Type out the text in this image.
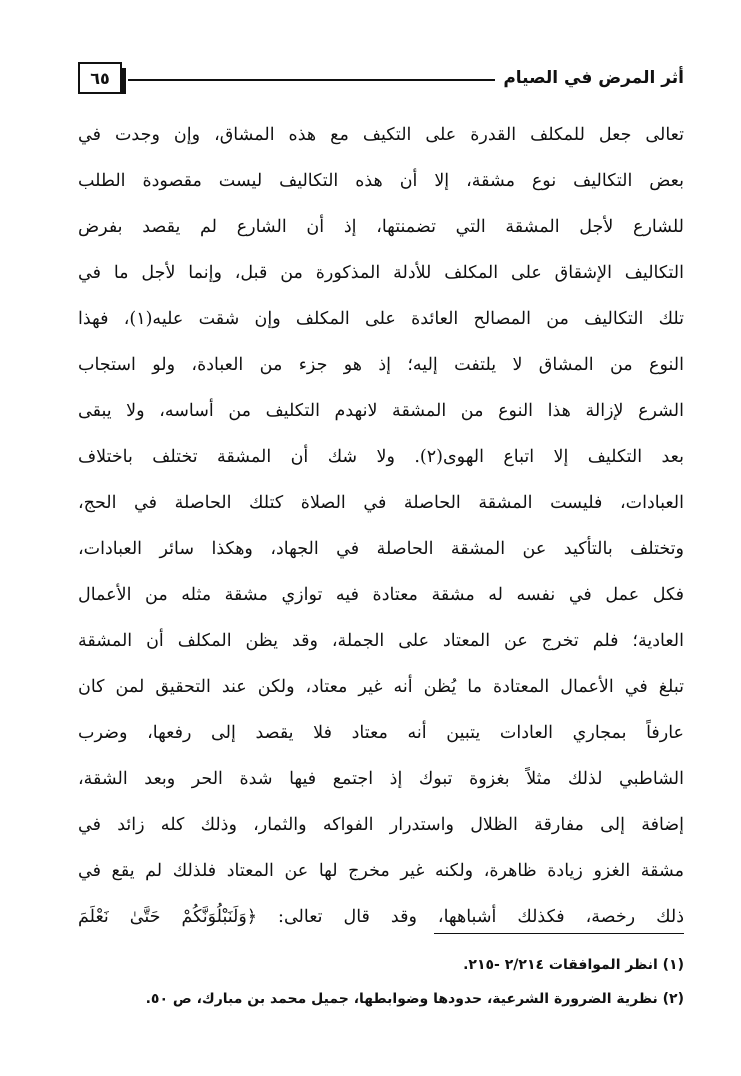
أثر المرض في الصيام
٦٥
تعالى جعل للمكلف القدرة على التكيف مع هذه المشاق، وإن وجدت في
بعض التكاليف نوع مشقة، إلا أن هذه التكاليف ليست مقصودة الطلب
للشارع لأجل المشقة التي تضمنتها، إذ أن الشارع لم يقصد بفرض
التكاليف الإشقاق على المكلف للأدلة المذكورة من قبل، وإنما لأجل ما في
تلك التكاليف من المصالح العائدة على المكلف وإن شقت عليه(١)، فهذا
النوع من المشاق لا يلتفت إليه؛ إذ هو جزء من العبادة، ولو استجاب
الشرع لإزالة هذا النوع من المشقة لانهدم التكليف من أساسه، ولا يبقى
بعد التكليف إلا اتباع الهوى(٢). ولا شك أن المشقة تختلف باختلاف
العبادات، فليست المشقة الحاصلة في الصلاة كتلك الحاصلة في الحج،
وتختلف بالتأكيد عن المشقة الحاصلة في الجهاد، وهكذا سائر العبادات،
فكل عمل في نفسه له مشقة معتادة فيه توازي مشقة مثله من الأعمال
العادية؛ فلم تخرج عن المعتاد على الجملة، وقد يظن المكلف أن المشقة
تبلغ في الأعمال المعتادة ما يُظن أنه غير معتاد، ولكن عند التحقيق لمن كان
عارفاً بمجاري العادات يتبين أنه معتاد فلا يقصد إلى رفعها، وضرب
الشاطبي لذلك مثلاً بغزوة تبوك إذ اجتمع فيها شدة الحر وبعد الشقة،
إضافة إلى مفارقة الظلال واستدرار الفواكه والثمار، وذلك كله زائد في
مشقة الغزو زيادة ظاهرة، ولكنه غير مخرج لها عن المعتاد فلذلك لم يقع في
ذلك رخصة، فكذلك أشباهها، وقد قال تعالى: ﴿وَلَنَبْلُوَنَّكُمْ حَتَّىٰ نَعْلَمَ
(١) انظر الموافقات ٢/٢١٤ -٢١٥.
(٢) نظرية الضرورة الشرعية، حدودها وضوابطها، جميل محمد بن مبارك، ص ٥٠.
